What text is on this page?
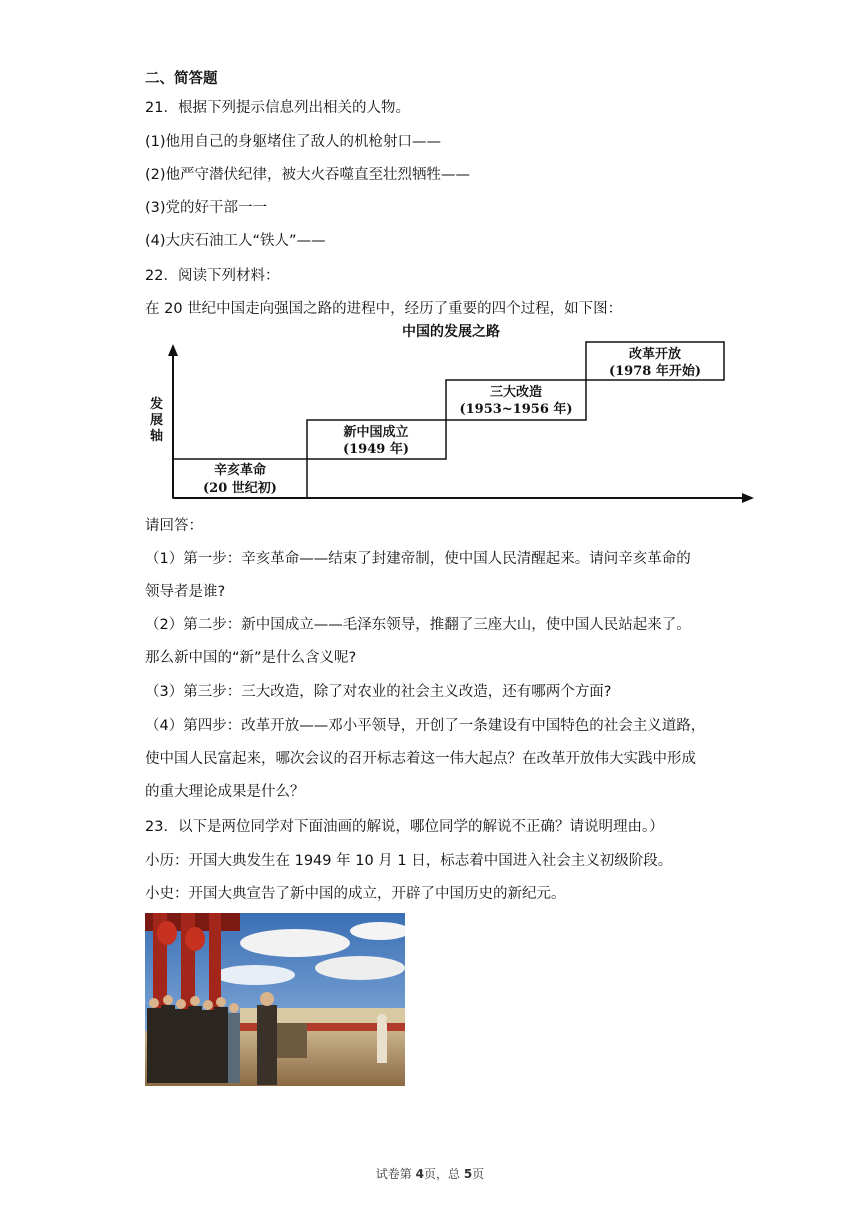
二、简答题
21．根据下列提示信息列出相关的人物。
(1)他用自己的身躯堵住了敌人的机枪射口——
(2)他严守潜伏纪律，被大火吞噬直至壮烈牺牲——
(3)党的好干部一一
(4)大庆石油工人“铁人”——
22．阅读下列材料：
在 20 世纪中国走向强国之路的进程中，经历了重要的四个过程，如下图：
中国的发展之路
发 展 轴
辛亥革命
(20 世纪初)
新中国成立
(1949 年)
三大改造
(1953~1956 年)
改革开放
(1978 年开始)
请回答：
（1）第一步：辛亥革命——结束了封建帝制，使中国人民清醒起来。请问辛亥革命的
领导者是谁?
（2）第二步：新中国成立——毛泽东领导，推翻了三座大山，使中国人民站起来了。
那么新中国的“新”是什么含义呢?
（3）第三步：三大改造，除了对农业的社会主义改造，还有哪两个方面?
（4）第四步：改革开放——邓小平领导，开创了一条建设有中国特色的社会主义道路，
使中国人民富起来，哪次会议的召开标志着这一伟大起点？在改革开放伟大实践中形成
的重大理论成果是什么？
23．以下是两位同学对下面油画的解说，哪位同学的解说不正确？请说明理由。）
小历：开国大典发生在 1949 年 10 月 1 日，标志着中国进入社会主义初级阶段。
小史：开国大典宣告了新中国的成立，开辟了中国历史的新纪元。
试卷第 4页，总 5页
